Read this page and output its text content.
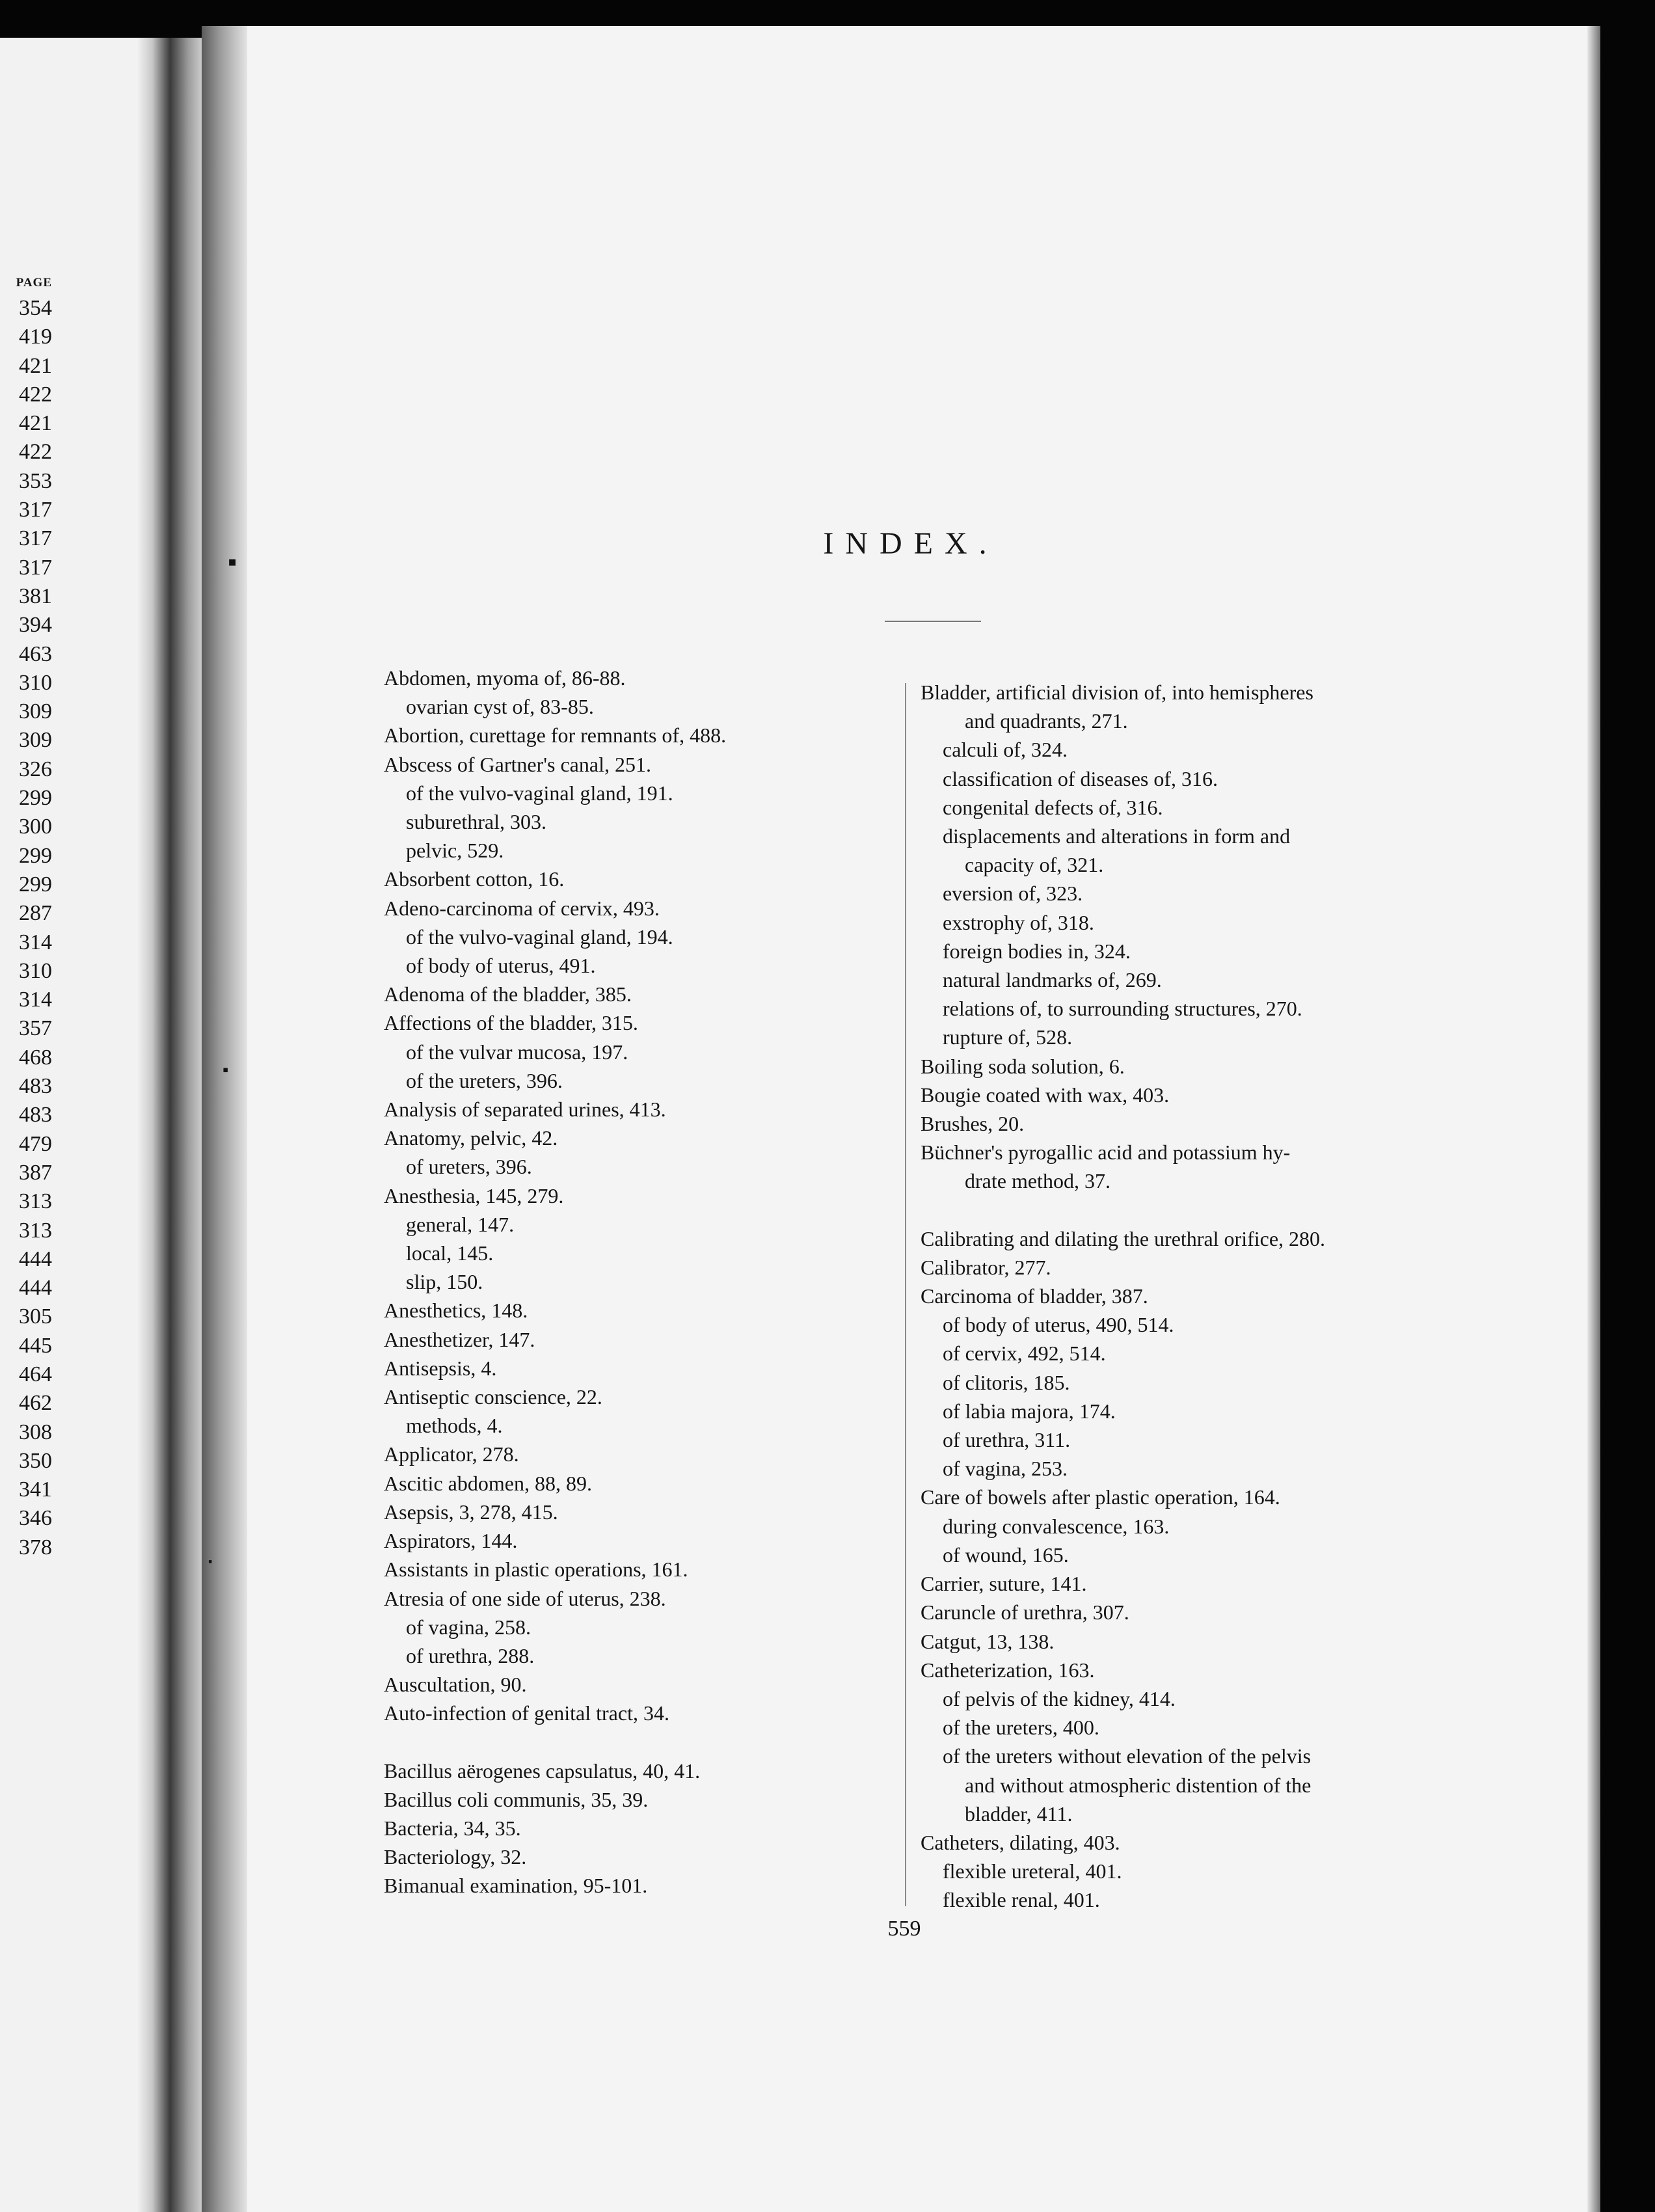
▪
▪
▪
PAGE
354
419
421
422
421
422
353
317
317
317
381
394
463
310
309
309
326
299
300
299
299
287
314
310
314
357
468
483
483
479
387
313
313
444
444
305
445
464
462
308
350
341
346
378
INDEX.
Abdomen, myoma of, 86-88.
ovarian cyst of, 83-85.
Abortion, curettage for remnants of, 488.
Abscess of Gartner's canal, 251.
of the vulvo-vaginal gland, 191.
suburethral, 303.
pelvic, 529.
Absorbent cotton, 16.
Adeno-carcinoma of cervix, 493.
of the vulvo-vaginal gland, 194.
of body of uterus, 491.
Adenoma of the bladder, 385.
Affections of the bladder, 315.
of the vulvar mucosa, 197.
of the ureters, 396.
Analysis of separated urines, 413.
Anatomy, pelvic, 42.
of ureters, 396.
Anesthesia, 145, 279.
general, 147.
local, 145.
slip, 150.
Anesthetics, 148.
Anesthetizer, 147.
Antisepsis, 4.
Antiseptic conscience, 22.
methods, 4.
Applicator, 278.
Ascitic abdomen, 88, 89.
Asepsis, 3, 278, 415.
Aspirators, 144.
Assistants in plastic operations, 161.
Atresia of one side of uterus, 238.
of vagina, 258.
of urethra, 288.
Auscultation, 90.
Auto-infection of genital tract, 34.
Bacillus aërogenes capsulatus, 40, 41.
Bacillus coli communis, 35, 39.
Bacteria, 34, 35.
Bacteriology, 32.
Bimanual examination, 95-101.
Bladder, artificial division of, into hemispheres
and quadrants, 271.
calculi of, 324.
classification of diseases of, 316.
congenital defects of, 316.
displacements and alterations in form and
capacity of, 321.
eversion of, 323.
exstrophy of, 318.
foreign bodies in, 324.
natural landmarks of, 269.
relations of, to surrounding structures, 270.
rupture of, 528.
Boiling soda solution, 6.
Bougie coated with wax, 403.
Brushes, 20.
Büchner's pyrogallic acid and potassium hy-
drate method, 37.
Calibrating and dilating the urethral orifice, 280.
Calibrator, 277.
Carcinoma of bladder, 387.
of body of uterus, 490, 514.
of cervix, 492, 514.
of clitoris, 185.
of labia majora, 174.
of urethra, 311.
of vagina, 253.
Care of bowels after plastic operation, 164.
during convalescence, 163.
of wound, 165.
Carrier, suture, 141.
Caruncle of urethra, 307.
Catgut, 13, 138.
Catheterization, 163.
of pelvis of the kidney, 414.
of the ureters, 400.
of the ureters without elevation of the pelvis
and without atmospheric distention of the
bladder, 411.
Catheters, dilating, 403.
flexible ureteral, 401.
flexible renal, 401.
559
